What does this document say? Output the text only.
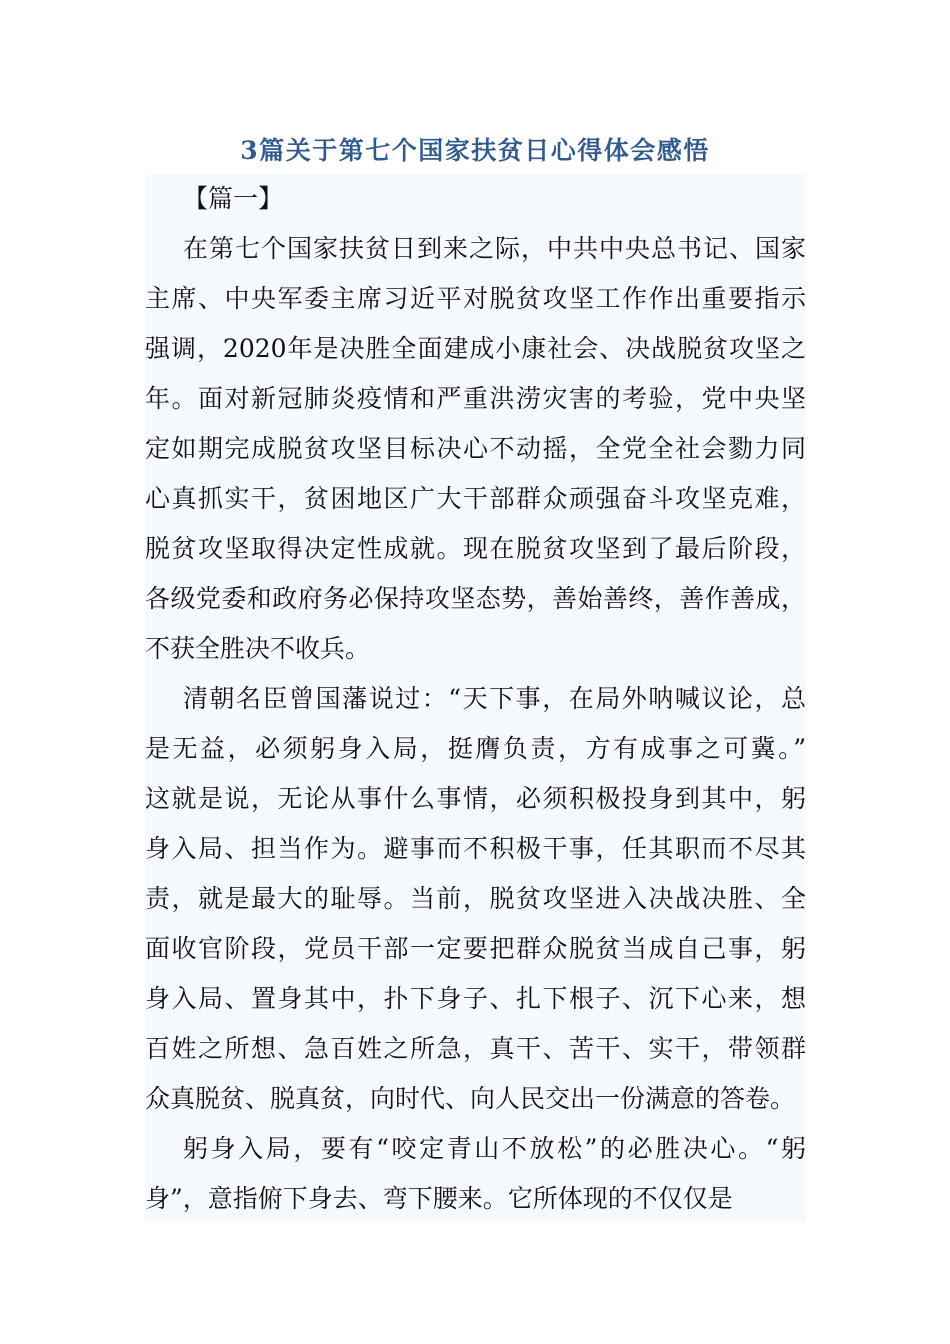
3篇关于第七个国家扶贫日心得体会感悟
【篇一】
在第七个国家扶贫日到来之际，中共中央总书记、国家
主席、中央军委主席习近平对脱贫攻坚工作作出重要指示
强调，2020年是决胜全面建成小康社会、决战脱贫攻坚之
年。面对新冠肺炎疫情和严重洪涝灾害的考验，党中央坚
定如期完成脱贫攻坚目标决心不动摇，全党全社会勠力同
心真抓实干，贫困地区广大干部群众顽强奋斗攻坚克难，
脱贫攻坚取得决定性成就。现在脱贫攻坚到了最后阶段，
各级党委和政府务必保持攻坚态势，善始善终，善作善成，
不获全胜决不收兵。
清朝名臣曾国藩说过：“天下事，在局外呐喊议论，总
是无益，必须躬身入局，挺膺负责，方有成事之可冀。”
这就是说，无论从事什么事情，必须积极投身到其中，躬
身入局、担当作为。避事而不积极干事，任其职而不尽其
责，就是最大的耻辱。当前，脱贫攻坚进入决战决胜、全
面收官阶段，党员干部一定要把群众脱贫当成自己事，躬
身入局、置身其中，扑下身子、扎下根子、沉下心来，想
百姓之所想、急百姓之所急，真干、苦干、实干，带领群
众真脱贫、脱真贫，向时代、向人民交出一份满意的答卷。
躬身入局，要有“咬定青山不放松”的必胜决心。“躬
身”，意指俯下身去、弯下腰来。它所体现的不仅仅是
